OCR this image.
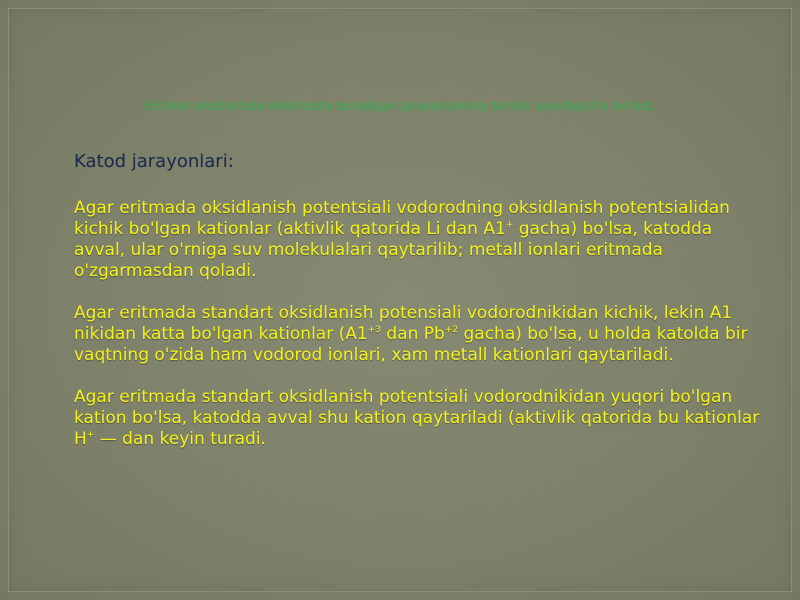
Eritmali elektrolizda elektrodda boradigan jarayonlarning borishi quyidagicha bo'ladi.

Katod jarayonlari:

Agar eritmada oksidlanish potentsiali vodorodning oksidlanish potentsialidan kichik bo'lgan kationlar (aktivlik qatorida Li dan A1+ gacha) bo'lsa, katodda avval, ular o'rniga suv molekulalari qaytarilib; metall ionlari eritmada o'zgarmasdan qoladi.

Agar eritmada standart oksidlanish potensiali vodorodnikidan kichik, lekin A1 nikidan katta bo'lgan kationlar ($A1^{+3}$ dan $Pb^{+2}$ gacha) bo'lsa, u holda katolda bir vaqtning o'zida ham vodorod ionlari, xam metall kationlari qaytariladi.

Agar eritmada standart oksidlanish potentsiali vodorodnikidan yuqori bo'lgan kation bo'lsa, katodda avval shu kation qaytariladi (aktivlik qatorida bu kationlar H+ — dan keyin turadi.
